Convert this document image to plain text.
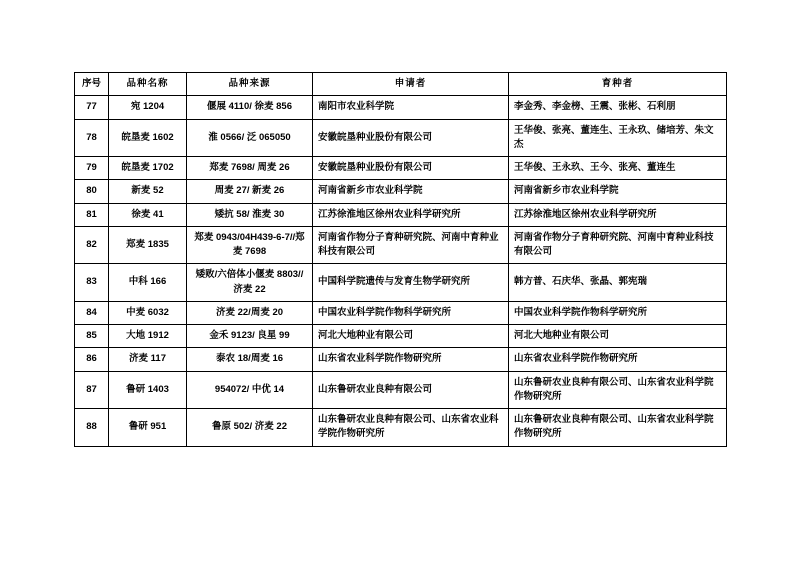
序号	品种名称	品种来源	申请者	育种者
77	宛 1204	偃展 4110/ 徐麦 856	南阳市农业科学院	李金秀、李金榜、王震、张彬、石利朋
78	皖垦麦 1602	淮 0566/ 泛 065050	安徽皖垦种业股份有限公司	王华俊、张亮、董连生、王永玖、储培芳、朱文杰
79	皖垦麦 1702	郑麦 7698/ 周麦 26	安徽皖垦种业股份有限公司	王华俊、王永玖、王今、张亮、董连生
80	新麦 52	周麦 27/ 新麦 26	河南省新乡市农业科学院	河南省新乡市农业科学院
81	徐麦 41	矮抗 58/ 淮麦 30	江苏徐淮地区徐州农业科学研究所	江苏徐淮地区徐州农业科学研究所
82	郑麦 1835	郑麦 0943/04H439-6-7//郑麦 7698	河南省作物分子育种研究院、河南中育种业科技有限公司	河南省作物分子育种研究院、河南中育种业科技有限公司
83	中科 166	矮败/六倍体小偃麦 8803//济麦 22	中国科学院遗传与发育生物学研究所	韩方普、石庆华、张晶、郭宪瑞
84	中麦 6032	济麦 22/周麦 20	中国农业科学院作物科学研究所	中国农业科学院作物科学研究所
85	大地 1912	金禾 9123/ 良星 99	河北大地种业有限公司	河北大地种业有限公司
86	济麦 117	泰农 18/周麦 16	山东省农业科学院作物研究所	山东省农业科学院作物研究所
87	鲁研 1403	954072/ 中优 14	山东鲁研农业良种有限公司	山东鲁研农业良种有限公司、山东省农业科学院作物研究所
88	鲁研 951	鲁原 502/ 济麦 22	山东鲁研农业良种有限公司、山东省农业科学院作物研究所	山东鲁研农业良种有限公司、山东省农业科学院作物研究所
